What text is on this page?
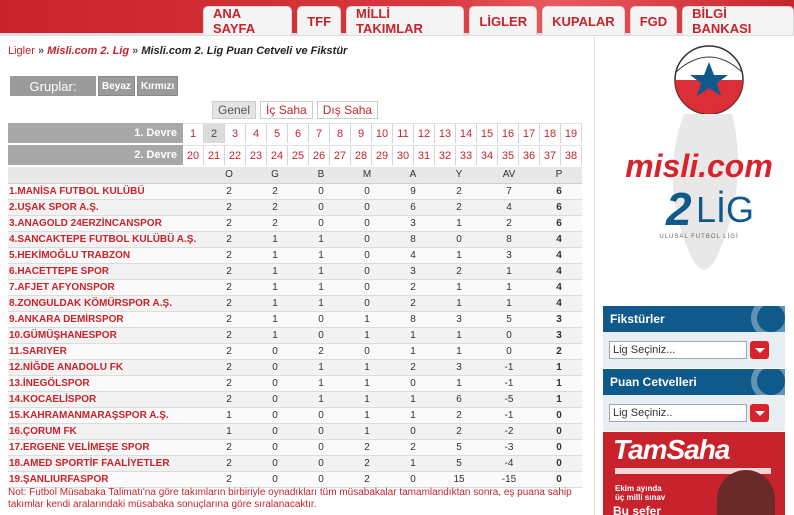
ANA SAYFA	TFF	MİLLİ TAKIMLAR	LİGLER	KUPALAR	FGD	BİLGİ BANKASI
Ligler » Misli.com 2. Lig » Misli.com 2. Lig Puan Cetveli ve Fikstür
Gruplar:	Beyaz	Kırmızı
Genel	İç Saha	Dış Saha
1. Devre	1	2	3	4	5	6	7	8	9	10 11 12 13 14 15 16 17 18 19
2. Devre 20 21 22 23 24 25 26 27 28 29 30 31 32 33 34 35 36 37 38
	O	G	B	M	A	Y	AV	P
1.MANİSA FUTBOL KULÜBÜ	2	2	0	0	9	2	7	6
2.UŞAK SPOR A.Ş.	2	2	0	0	6	2	4	6
3.ANAGOLD 24ERZİNCANSPOR	2	2	0	0	3	1	2	6
4.SANCAKTEPE FUTBOL KULÜBÜ A.Ş.	2	1	1	0	8	0	8	4
5.HEKİMOĞLU TRABZON	2	1	1	0	4	1	3	4
6.HACETTEPE SPOR	2	1	1	0	3	2	1	4
7.AFJET AFYONSPOR	2	1	1	0	2	1	1	4
8.ZONGULDAK KÖMÜRSPOR A.Ş.	2	1	1	0	2	1	1	4
9.ANKARA DEMİRSPOR	2	1	0	1	8	3	5	3
10.GÜMÜŞHANESPOR	2	1	0	1	1	1	0	3
11.SARIYER	2	0	2	0	1	1	0	2
12.NİĞDE ANADOLU FK	2	0	1	1	2	3	-1	1
13.İNEGÖLSPOR	2	0	1	1	0	1	-1	1
14.KOCAELİSPOR	2	0	1	1	1	6	-5	1
15.KAHRAMANMARAŞSPOR A.Ş.	1	0	0	1	1	2	-1	0
16.ÇORUM FK	1	0	0	1	0	2	-2	0
17.ERGENE VELİMEŞE SPOR	2	0	0	2	2	5	-3	0
18.AMED SPORTİF FAALİYETLER	2	0	0	2	1	5	-4	0
19.ŞANLIURFASPOR	2	0	0	2	0	15	-15	0
Not: Futbol Müsabaka Talimatı'na göre takımların birbiriyle oynadıkları tüm müsabakalar tamamlandıktan sonra, eş puana sahip takımlar kendi aralarındaki müsabaka sonuçlarına göre sıralanacaktır.
misli.com
2 LİG
ULUSAL FUTBOL LİGİ
Fikstürler
Lig Seçiniz...
Puan Cetvelleri
Lig Seçiniz..
TamSaha
Ekim ayında
üç milli sınav
Bu sefer
